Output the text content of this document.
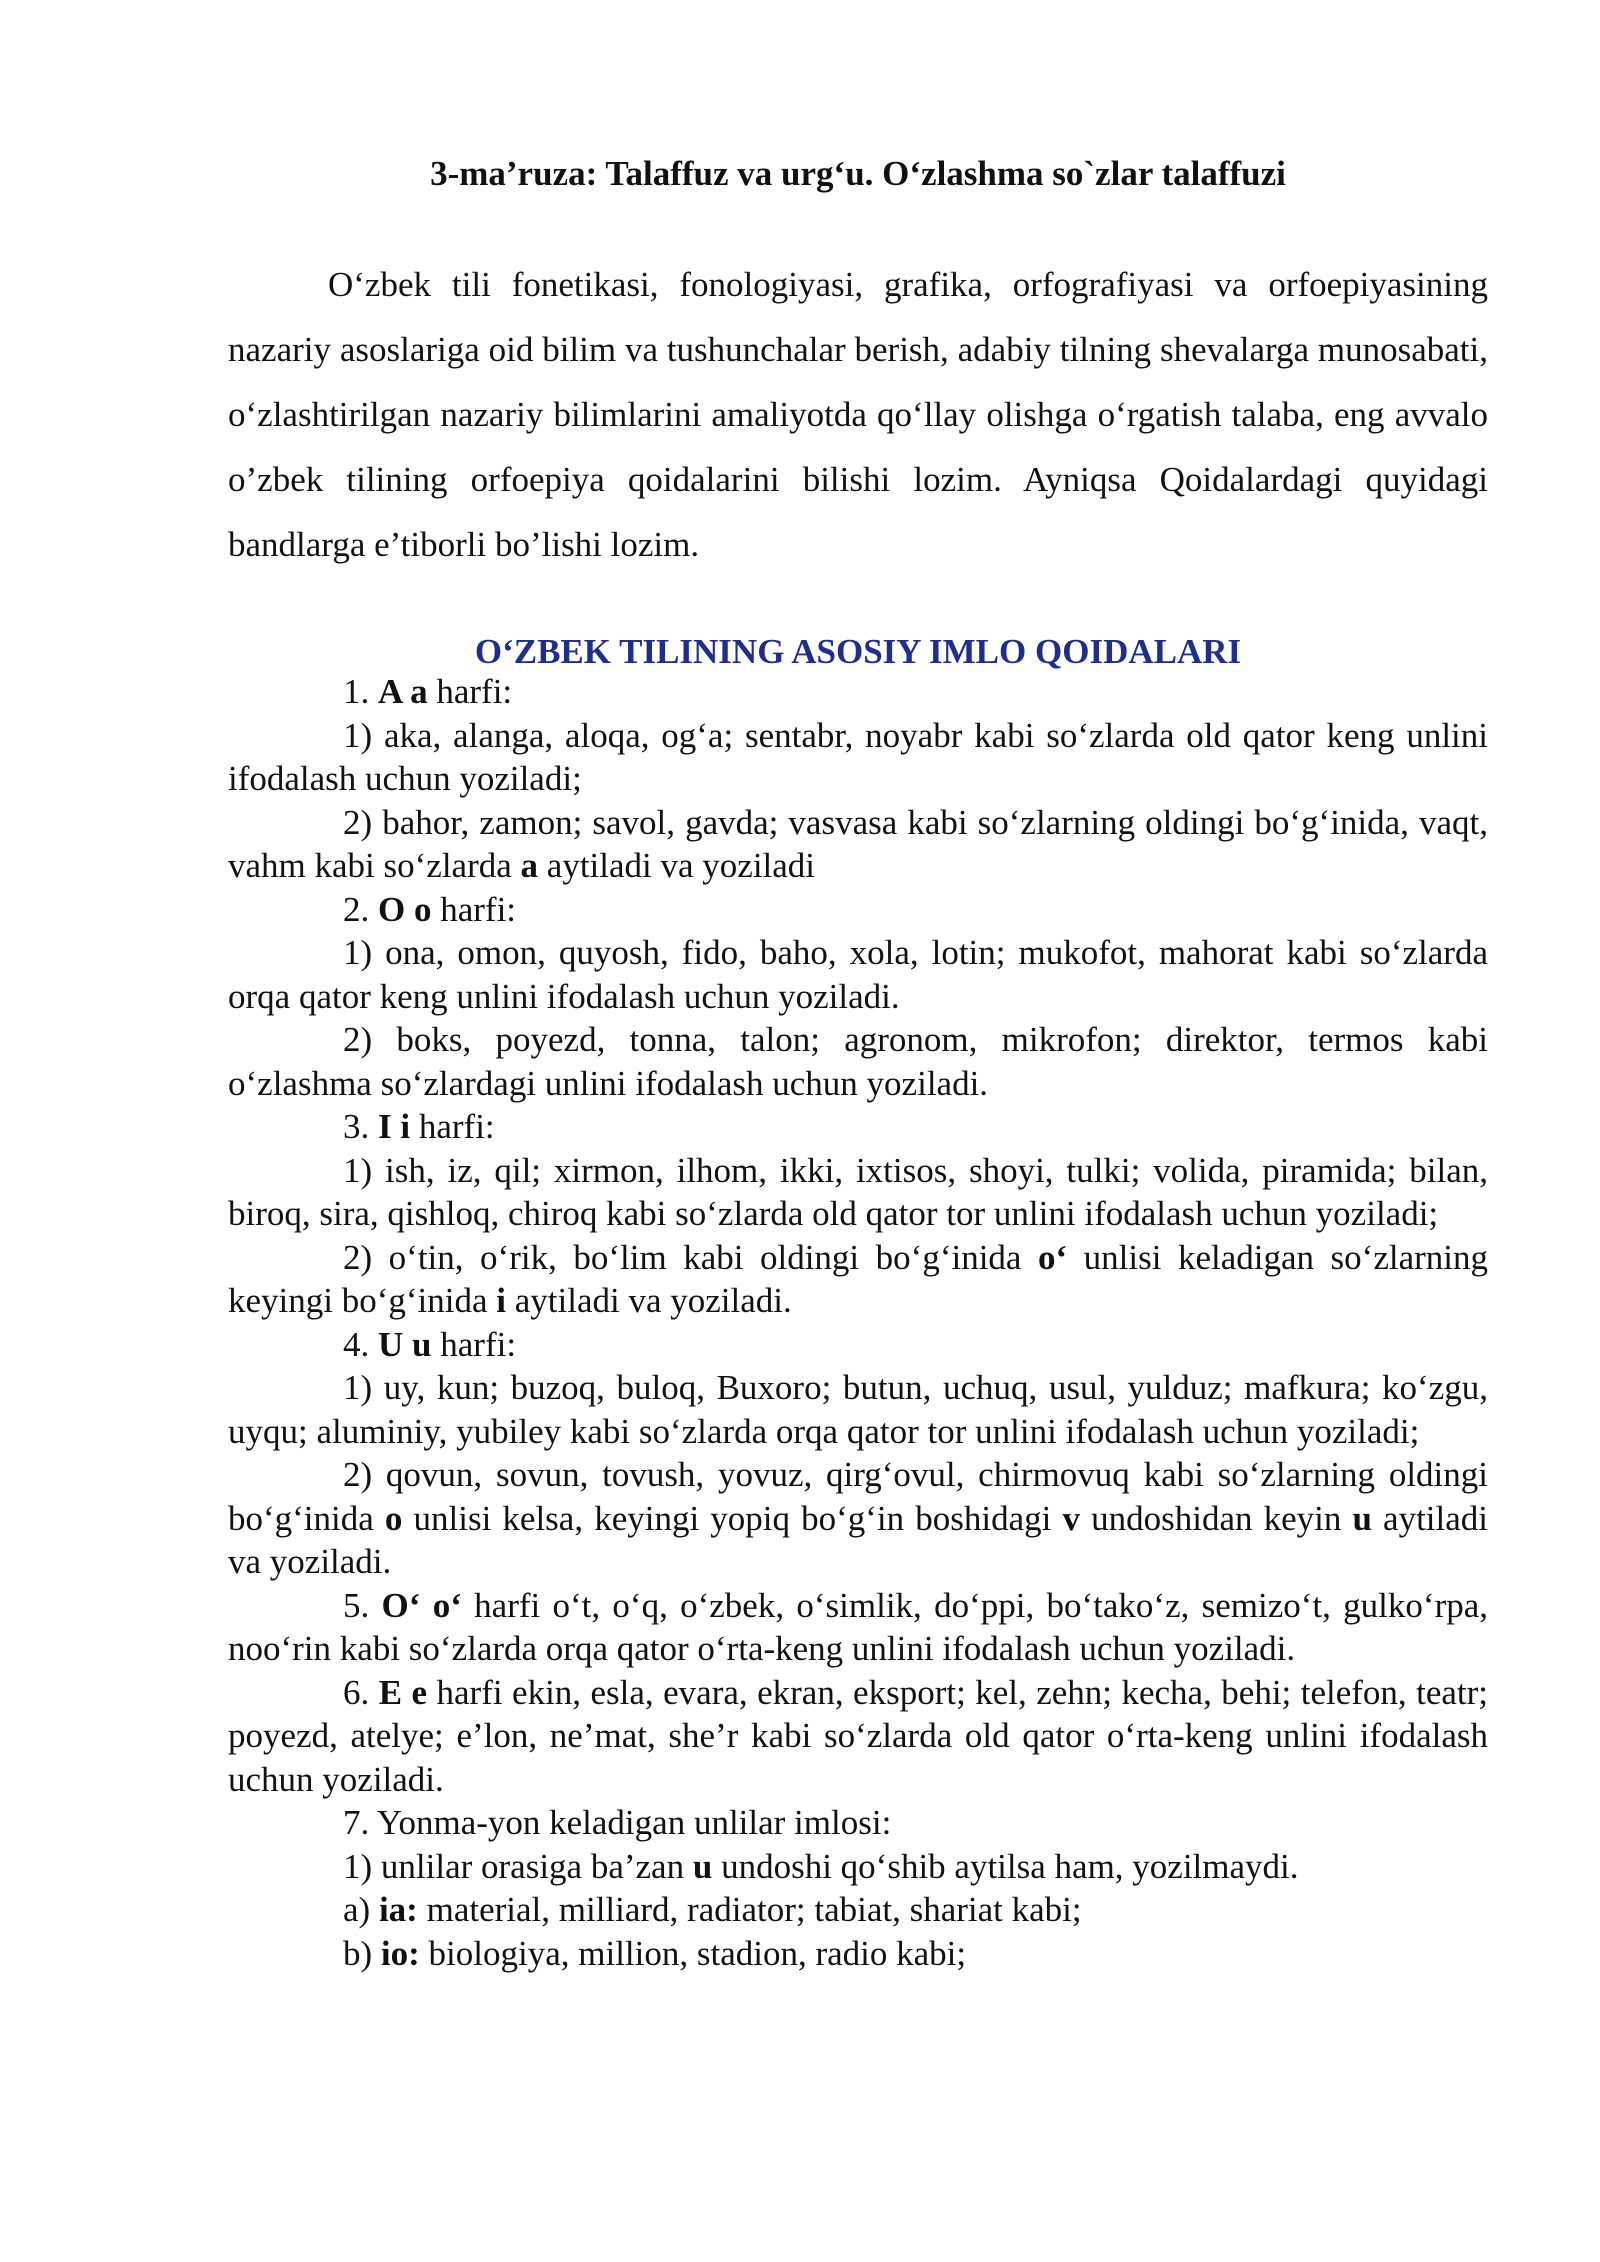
3-ma’ruza: Talaffuz va urg‘u. O‘zlashma so`zlar talaffuzi

O‘zbek tili fonetikasi, fonologiyasi, grafika, orfografiyasi va orfoepiyasining nazariy asoslariga oid bilim va tushunchalar berish, adabiy tilning shevalarga munosabati, o‘zlashtirilgan nazariy bilimlarini amaliyotda qo‘llay olishga o‘rgatish talaba, eng avvalo o’zbek tilining orfoepiya qoidalarini bilishi lozim. Ayniqsa Qoidalardagi quyidagi bandlarga e’tiborli bo’lishi lozim.

O‘ZBEK TILINING ASOSIY IMLO QOIDALARI

1. A a harfi:

1) aka, alanga, aloqa, og‘a; sentabr, noyabr kabi so‘zlarda old qator keng unlini ifodalash uchun yoziladi;

2) bahor, zamon; savol, gavda; vasvasa kabi so‘zlarning oldingi bo‘g‘inida, vaqt, vahm kabi so‘zlarda a aytiladi va yoziladi

2. O o harfi:

1) ona, omon, quyosh, fido, baho, xola, lotin; mukofot, mahorat kabi so‘zlarda orqa qator keng unlini ifodalash uchun yoziladi.

2) boks, poyezd, tonna, talon; agronom, mikrofon; direktor, termos kabi o‘zlashma so‘zlardagi unlini ifodalash uchun yoziladi.

3. I i harfi:

1) ish, iz, qil; xirmon, ilhom, ikki, ixtisos, shoyi, tulki; volida, piramida; bilan, biroq, sira, qishloq, chiroq kabi so‘zlarda old qator tor unlini ifodalash uchun yoziladi;

2) o‘tin, o‘rik, bo‘lim kabi oldingi bo‘g‘inida o‘ unlisi keladigan so‘zlarning keyingi bo‘g‘inida i aytiladi va yoziladi.

4. U u harfi:

1) uy, kun; buzoq, buloq, Buxoro; butun, uchuq, usul, yulduz; mafkura; ko‘zgu, uyqu; aluminiy, yubiley kabi so‘zlarda orqa qator tor unlini ifodalash uchun yoziladi;

2) qovun, sovun, tovush, yovuz, qirg‘ovul, chirmovuq kabi so‘zlarning oldingi bo‘g‘inida o unlisi kelsa, keyingi yopiq bo‘g‘in boshidagi v undoshidan keyin u aytiladi va yoziladi.

5. O‘ o‘ harfi o‘t, o‘q, o‘zbek, o‘simlik, do‘ppi, bo‘tako‘z, semizo‘t, gulko‘rpa, noo‘rin kabi so‘zlarda orqa qator o‘rta-keng unlini ifodalash uchun yoziladi.

6. E e harfi ekin, esla, evara, ekran, eksport; kel, zehn; kecha, behi; telefon, teatr; poyezd, atelye; e’lon, ne’mat, she’r kabi so‘zlarda old qator o‘rta-keng unlini ifodalash uchun yoziladi.

7. Yonma-yon keladigan unlilar imlosi:

1) unlilar orasiga ba’zan u undoshi qo‘shib aytilsa ham, yozilmaydi.

a) ia: material, milliard, radiator; tabiat, shariat kabi;

b) io: biologiya, million, stadion, radio kabi;
